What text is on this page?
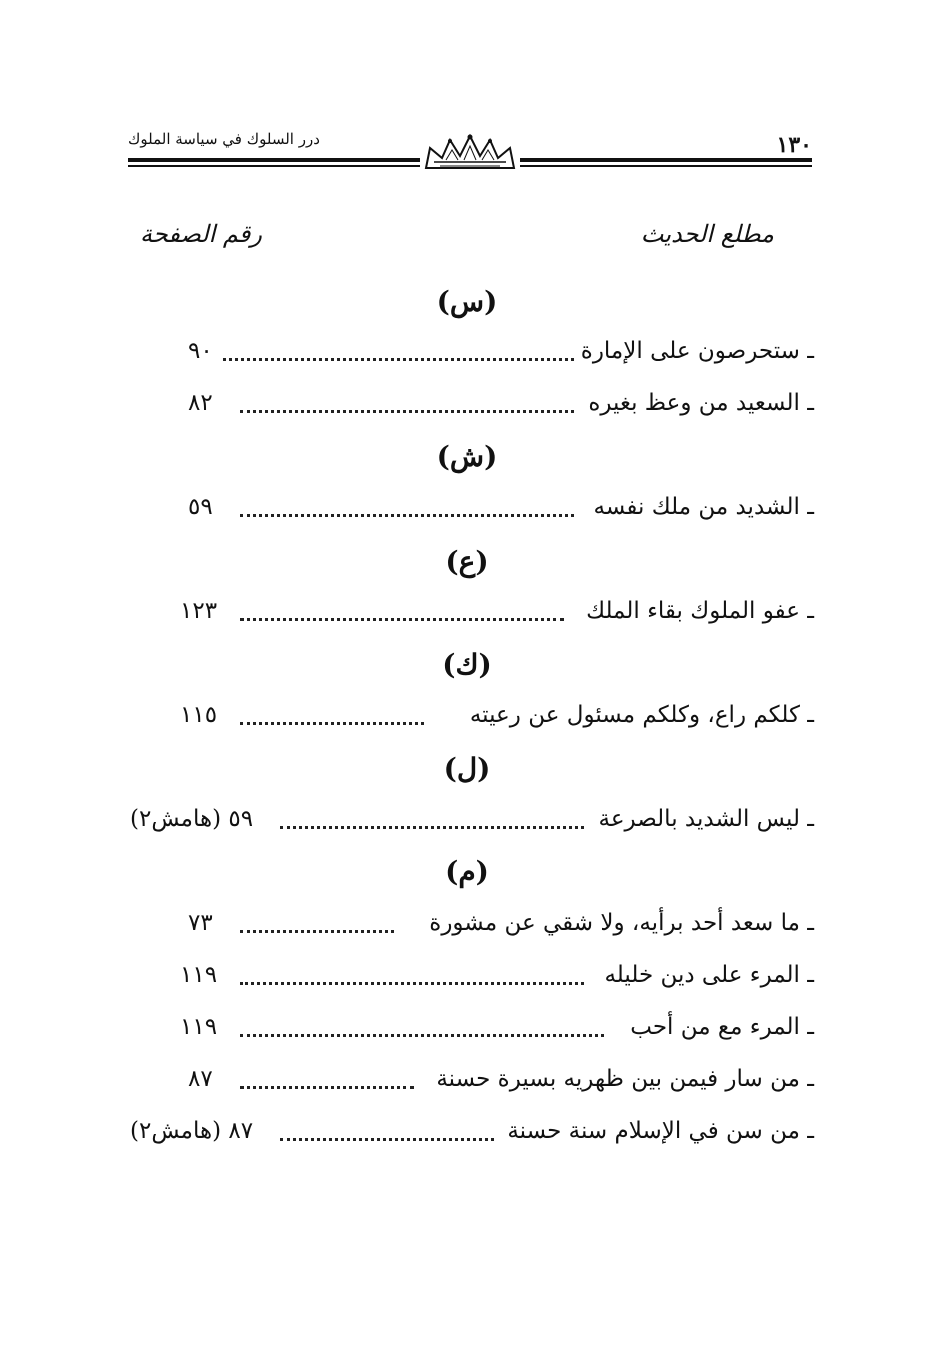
١٣٠
درر السلوك في سياسة الملوك
مطلع الحديث
رقم الصفحة
(س)
ـ ستحرصون على الإمارة
٩٠
ـ السعيد من وعظ بغيره
٨٢
(ش)
ـ الشديد من ملك نفسه
٥٩
(ع)
ـ عفو الملوك بقاء الملك
١٢٣
(ك)
ـ كلكم راع، وكلكم مسئول عن رعيته
١١٥
(ل)
ـ ليس الشديد بالصرعة
٥٩ (هامش٢)
(م)
ـ ما سعد أحد برأيه، ولا شقي عن مشورة
٧٣
ـ المرء على دين خليله
١١٩
ـ المرء مع من أحب
١١٩
ـ من سار فيمن بين ظهريه بسيرة حسنة
٨٧
ـ من سن في الإسلام سنة حسنة
٨٧ (هامش٢)
